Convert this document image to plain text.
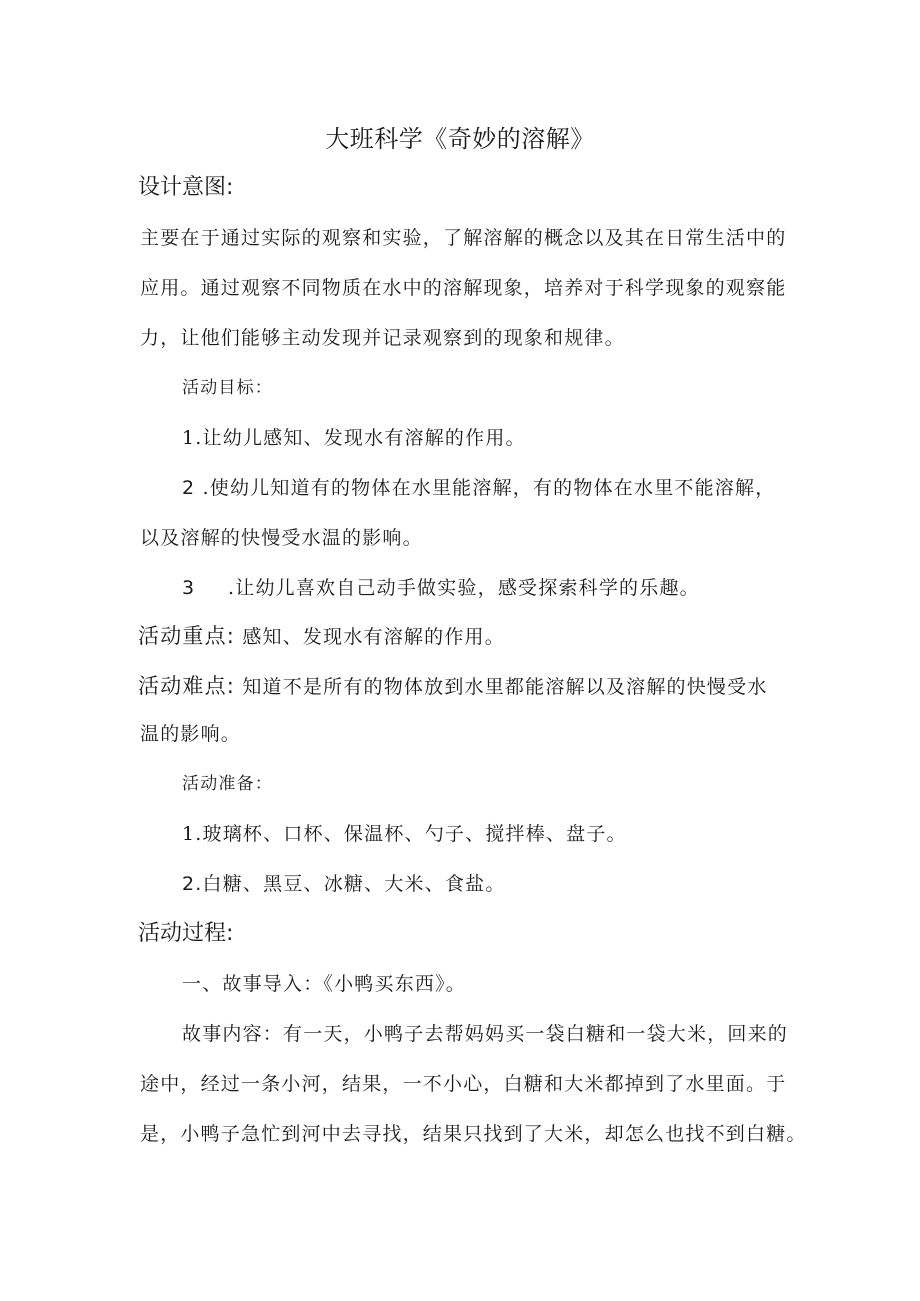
大班科学《奇妙的溶解》
设计意图:
主要在于通过实际的观察和实验，了解溶解的概念以及其在日常生活中的
应用。通过观察不同物质在水中的溶解现象，培养对于科学现象的观察能
力，让他们能够主动发现并记录观察到的现象和规律。
活动目标：
1.让幼儿感知、发现水有溶解的作用。
2 .使幼儿知道有的物体在水里能溶解，有的物体在水里不能溶解，
以及溶解的快慢受水温的影响。
3 .让幼儿喜欢自己动手做实验，感受探索科学的乐趣。
活动重点: 感知、发现水有溶解的作用。
活动难点: 知道不是所有的物体放到水里都能溶解以及溶解的快慢受水
温的影响。
活动准备：
1.玻璃杯、口杯、保温杯、勺子、搅拌棒、盘子。
2.白糖、黑豆、冰糖、大米、食盐。
活动过程:
一、故事导入：《小鸭买东西》。
故事内容：有一天，小鸭子去帮妈妈买一袋白糖和一袋大米，回来的
途中，经过一条小河，结果，一不小心，白糖和大米都掉到了水里面。于
是，小鸭子急忙到河中去寻找，结果只找到了大米，却怎么也找不到白糖。
